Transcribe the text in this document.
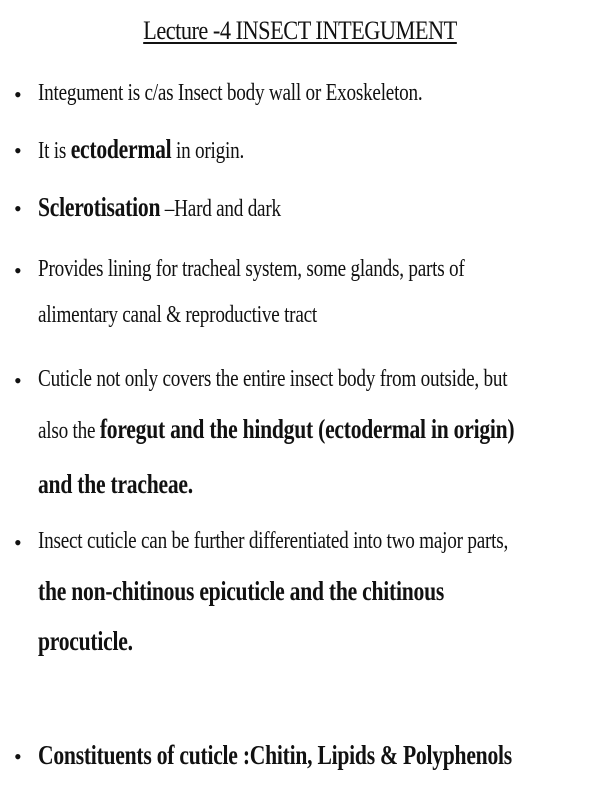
Lecture -4 INSECT INTEGUMENT
• Integument is c/as Insect body wall or Exoskeleton.
• It is ectodermal in origin.
• Sclerotisation –Hard and dark
• Provides lining for tracheal system, some glands, parts of
alimentary canal & reproductive tract
• Cuticle not only covers the entire insect body from outside, but
also the foregut and the hindgut (ectodermal in origin)
and the tracheae.
• Insect cuticle can be further differentiated into two major parts,
the non-chitinous epicuticle and the chitinous
procuticle.
• Constituents of cuticle :Chitin, Lipids & Polyphenols
